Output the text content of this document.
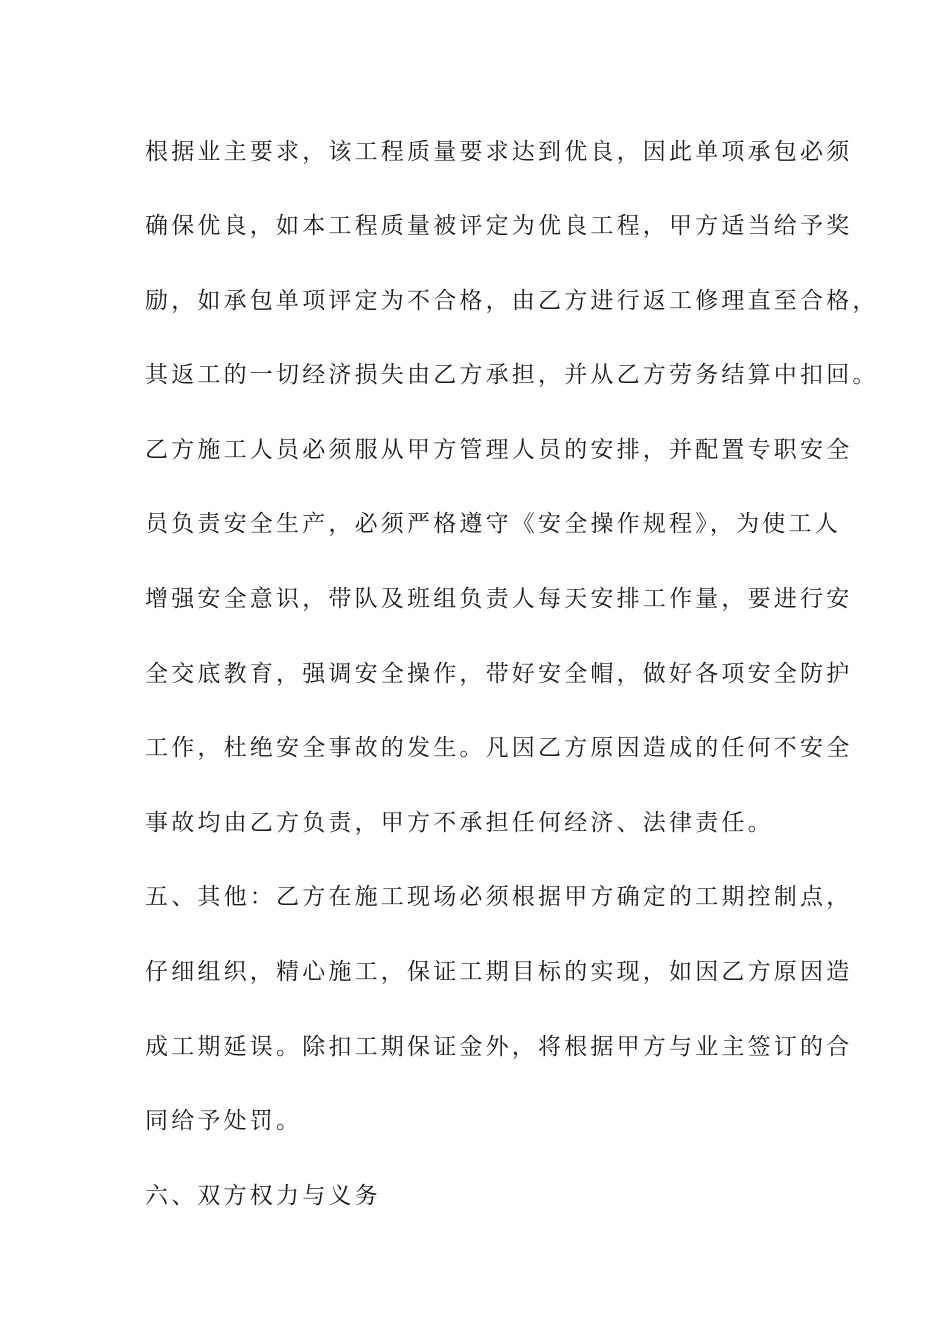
根据业主要求，该工程质量要求达到优良，因此单项承包必须
确保优良，如本工程质量被评定为优良工程，甲方适当给予奖
励，如承包单项评定为不合格，由乙方进行返工修理直至合格，
其返工的一切经济损失由乙方承担，并从乙方劳务结算中扣回。
乙方施工人员必须服从甲方管理人员的安排，并配置专职安全
员负责安全生产，必须严格遵守《安全操作规程》，为使工人
增强安全意识，带队及班组负责人每天安排工作量，要进行安
全交底教育，强调安全操作，带好安全帽，做好各项安全防护
工作，杜绝安全事故的发生。凡因乙方原因造成的任何不安全
事故均由乙方负责，甲方不承担任何经济、法律责任。
五、其他：乙方在施工现场必须根据甲方确定的工期控制点，
仔细组织，精心施工，保证工期目标的实现，如因乙方原因造
成工期延误。除扣工期保证金外，将根据甲方与业主签订的合
同给予处罚。
六、双方权力与义务
